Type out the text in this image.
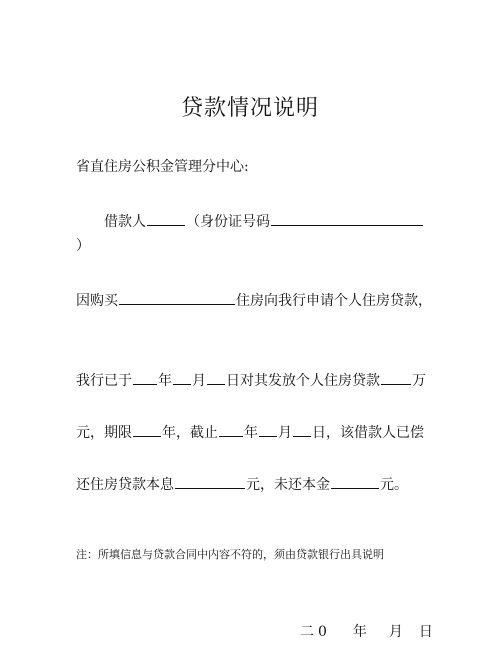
贷款情况说明
省直住房公积金管理分中心:
借款人	（身份证号码
）
因购买	住房向我行申请个人住房贷款，
我行已于 年 月 日对其发放个人住房贷款 万
元，期限 年，截止 年 月 日，该借款人已偿
还住房贷款本息	元，未还本金	元。
注：所填信息与贷款合同中内容不符的，须由贷款银行出具说明
二0 年 月 日
